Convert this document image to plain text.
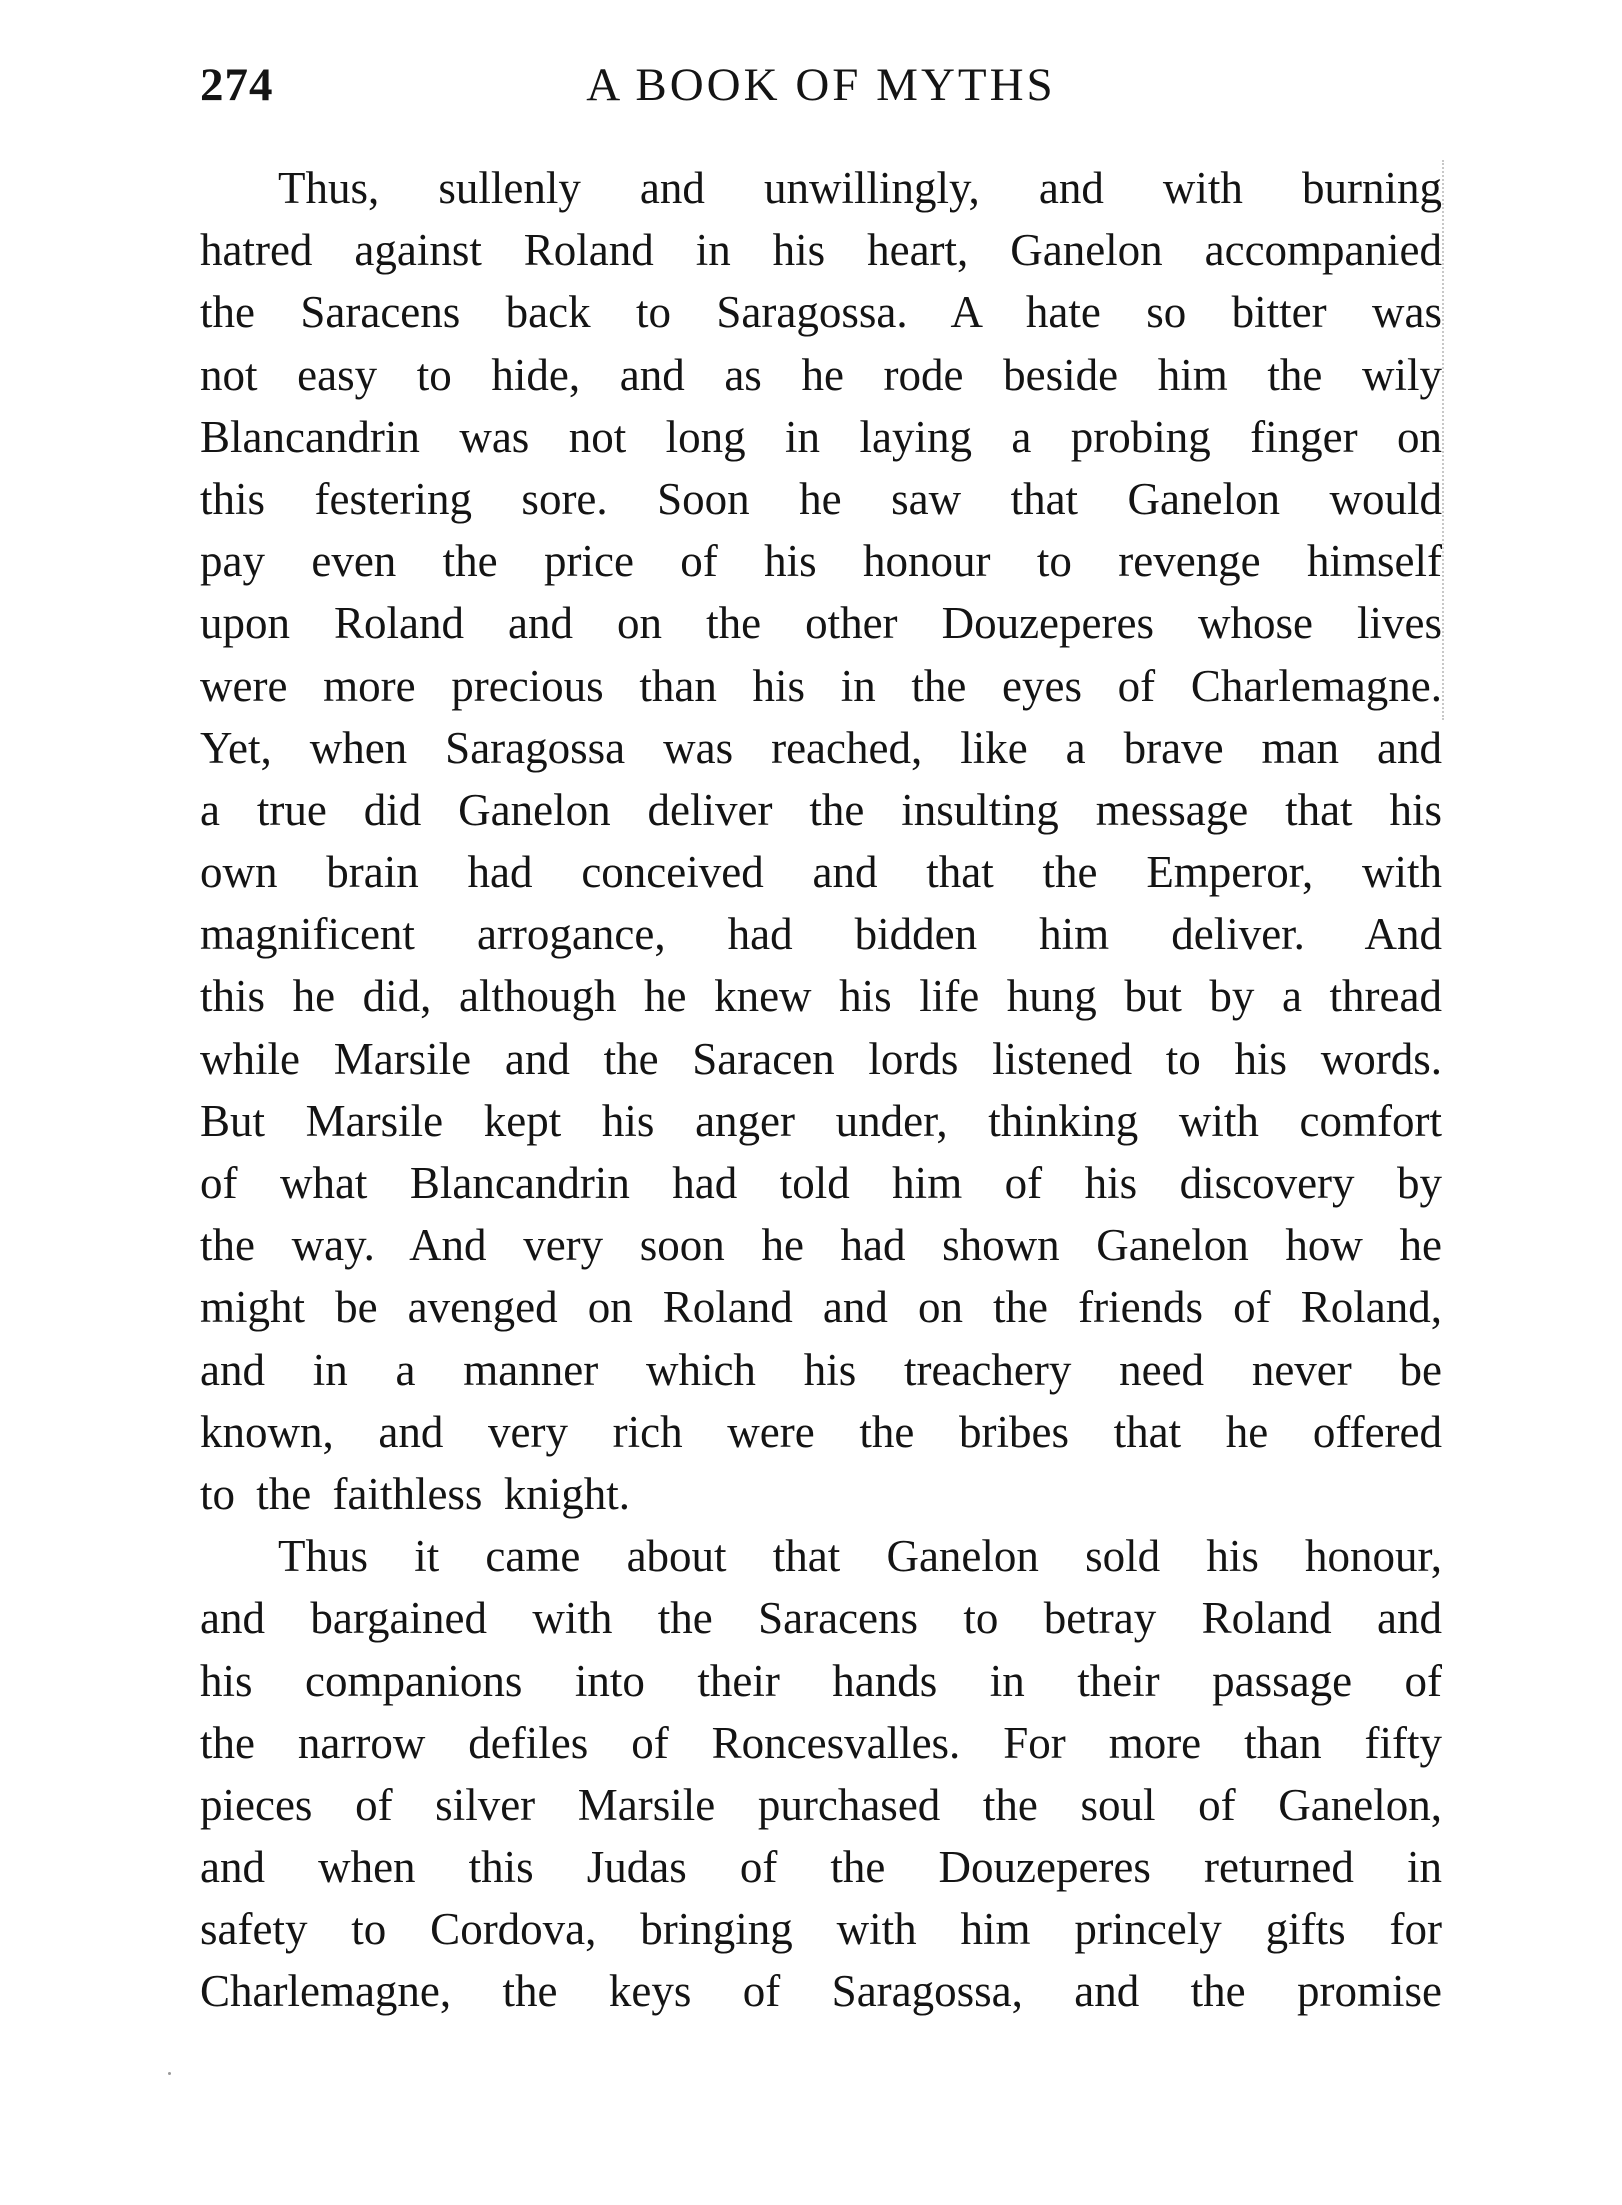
274	A BOOK OF MYTHS
Thus, sullenly and unwillingly, and with burning
hatred against Roland in his heart, Ganelon accompanied
the Saracens back to Saragossa. A hate so bitter was
not easy to hide, and as he rode beside him the wily
Blancandrin was not long in laying a probing finger on
this festering sore. Soon he saw that Ganelon would
pay even the price of his honour to revenge himself
upon Roland and on the other Douzeperes whose lives
were more precious than his in the eyes of Charlemagne.
Yet, when Saragossa was reached, like a brave man and
a true did Ganelon deliver the insulting message that his
own brain had conceived and that the Emperor, with
magnificent arrogance, had bidden him deliver. And
this he did, although he knew his life hung but by a thread
while Marsile and the Saracen lords listened to his words.
But Marsile kept his anger under, thinking with comfort
of what Blancandrin had told him of his discovery by
the way. And very soon he had shown Ganelon how he
might be avenged on Roland and on the friends of Roland,
and in a manner which his treachery need never be
known, and very rich were the bribes that he offered
to the faithless knight.
Thus it came about that Ganelon sold his honour,
and bargained with the Saracens to betray Roland and
his companions into their hands in their passage of
the narrow defiles of Roncesvalles. For more than fifty
pieces of silver Marsile purchased the soul of Ganelon,
and when this Judas of the Douzeperes returned in
safety to Cordova, bringing with him princely gifts for
Charlemagne, the keys of Saragossa, and the promise
